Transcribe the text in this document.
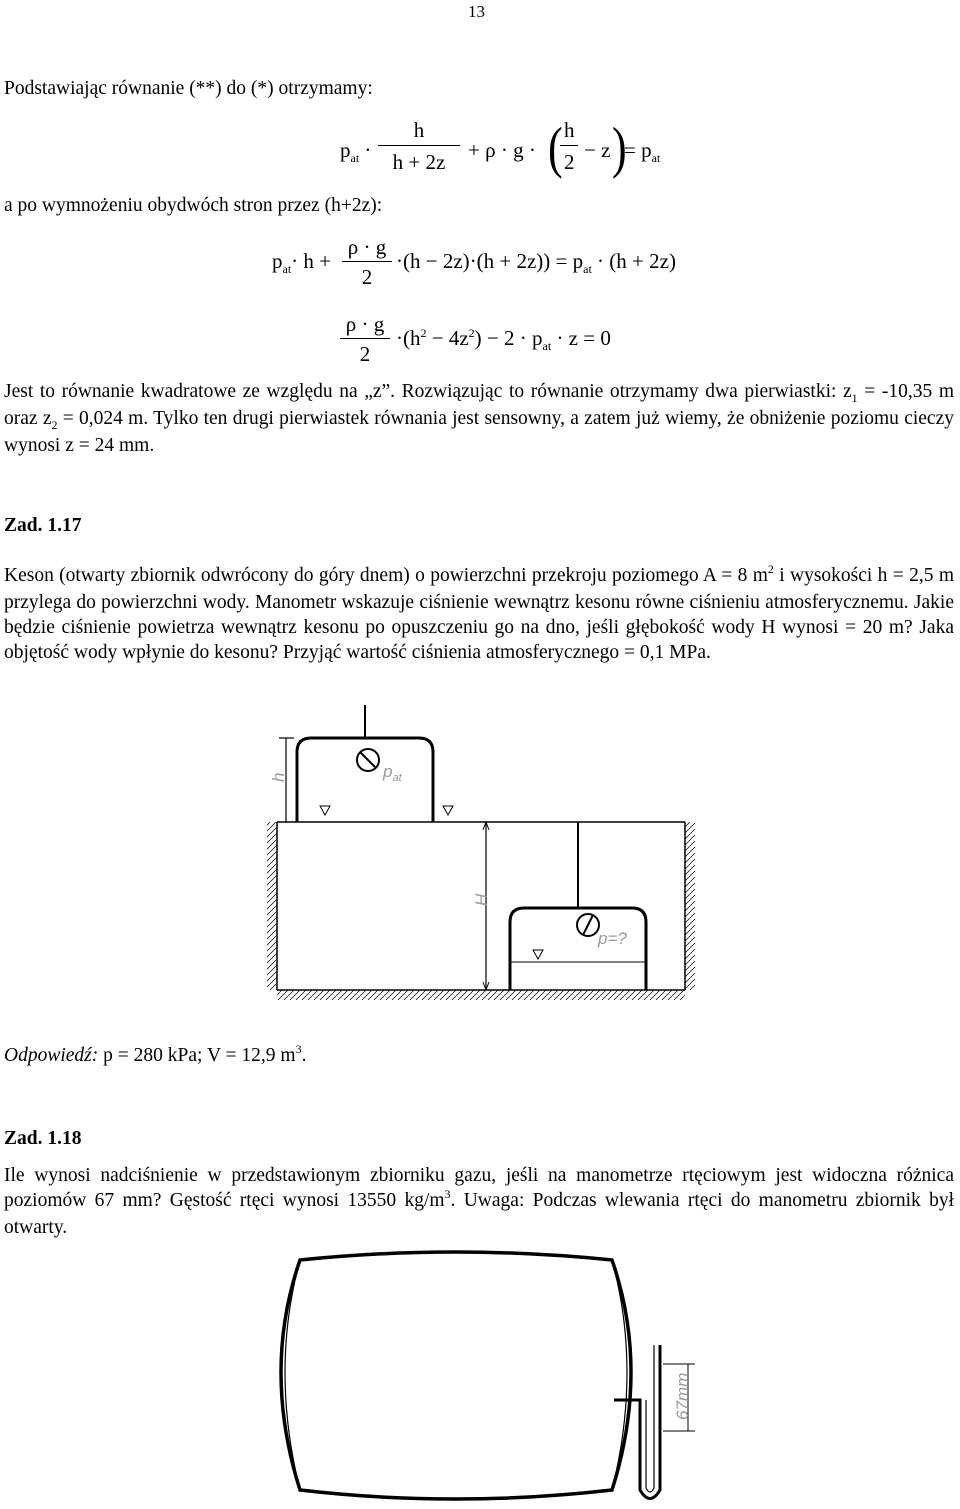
13
Podstawiając równanie (**) do (*) otrzymamy:
$p_{at}$ ·
h
h + 2z	+ ρ · g · ( h
2 − z )
= $p_{at}$
a po wymnożeniu obydwóch stron przez (h+2z):
$p_{at}\cdot h$ +
ρ · g
2
$\cdot(h - 2z)\cdot(h + 2z)) = p_{at} \cdot (h + 2z)$
ρ · g
2
$\cdot(h^2 - 4z^2) - 2 \cdot p_{at} \cdot z = 0$
Jest to równanie kwadratowe ze względu na „z”. Rozwiązując to równanie otrzymamy dwa pierwiastki: $z_1 = -10,35$ m oraz $z_2 = 0,024$ m. Tylko ten drugi pierwiastek równania jest sensowny, a zatem już wiemy, że obniżenie poziomu cieczy wynosi z = 24 mm.
Zad. 1.17
Keson (otwarty zbiornik odwrócony do góry dnem) o powierzchni przekroju poziomego A = 8 $m^2$ i wysokości h = 2,5 m przylega do powierzchni wody. Manometr wskazuje ciśnienie wewnątrz kesonu równe ciśnieniu atmosferycznemu. Jakie będzie ciśnienie powietrza wewnątrz kesonu po opuszczeniu go na dno, jeśli głębokość wody H wynosi = 20 m? Jaka objętość wody wpłynie do kesonu? Przyjąć wartość ciśnienia atmosferycznego = 0,1 MPa.
$p_{at}$
h
H
p=?
Odpowiedź: p = 280 kPa; V = 12,9 $m^3$.
Zad. 1.18
Ile wynosi nadciśnienie w przedstawionym zbiorniku gazu, jeśli na manometrze rtęciowym jest widoczna różnica poziomów 67 mm? Gęstość rtęci wynosi 13550 $kg/m^3$. Uwaga: Podczas wlewania rtęci do manometru zbiornik był otwarty.
67mm
